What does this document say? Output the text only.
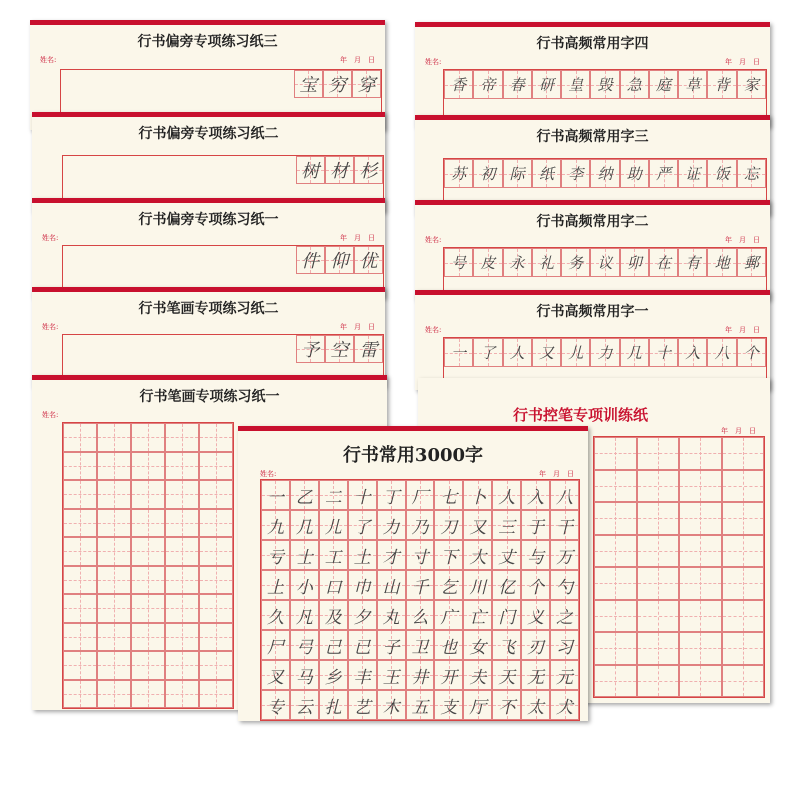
行书偏旁专项练习纸三
姓名:	年　月　日
宝 穷 穿
行书偏旁专项练习纸二
树 材 杉
行书偏旁专项练习纸一
姓名:	年　月　日
件 仰 优
行书笔画专项练习纸二
姓名:	年　月　日
予 空 雷
行书笔画专项练习纸一
姓名:
行书高频常用字四
姓名:	年　月　日
香 帝 春 研 皇 毁 急 庭 草 背 家
行书高频常用字三
苏 初 际 纸 李 纳 助 严 证 饭 忘
行书高频常用字二
姓名:	年　月　日
号 皮 永 礼 务 议 卯 在 有 地 郵
行书高频常用字一
姓名:	年　月　日
一 了 人 又 儿 力 几 十 入 八 个
行书控笔专项训练纸
年　月　日
行书常用3000字
姓名:	年　月　日
一 乙 二 十 丁 厂 七 卜 人 入 八
九 几 儿 了 力 乃 刀 又 三 于 干
亏 士 工 土 才 寸 下 大 丈 与 万
上 小 口 巾 山 千 乞 川 亿 个 勺
久 凡 及 夕 丸 么 广 亡 门 义 之
尸 弓 己 已 子 卫 也 女 飞 刃 习
叉 马 乡 丰 王 井 开 夫 天 无 元
专 云 扎 艺 木 五 支 厅 不 太 犬
